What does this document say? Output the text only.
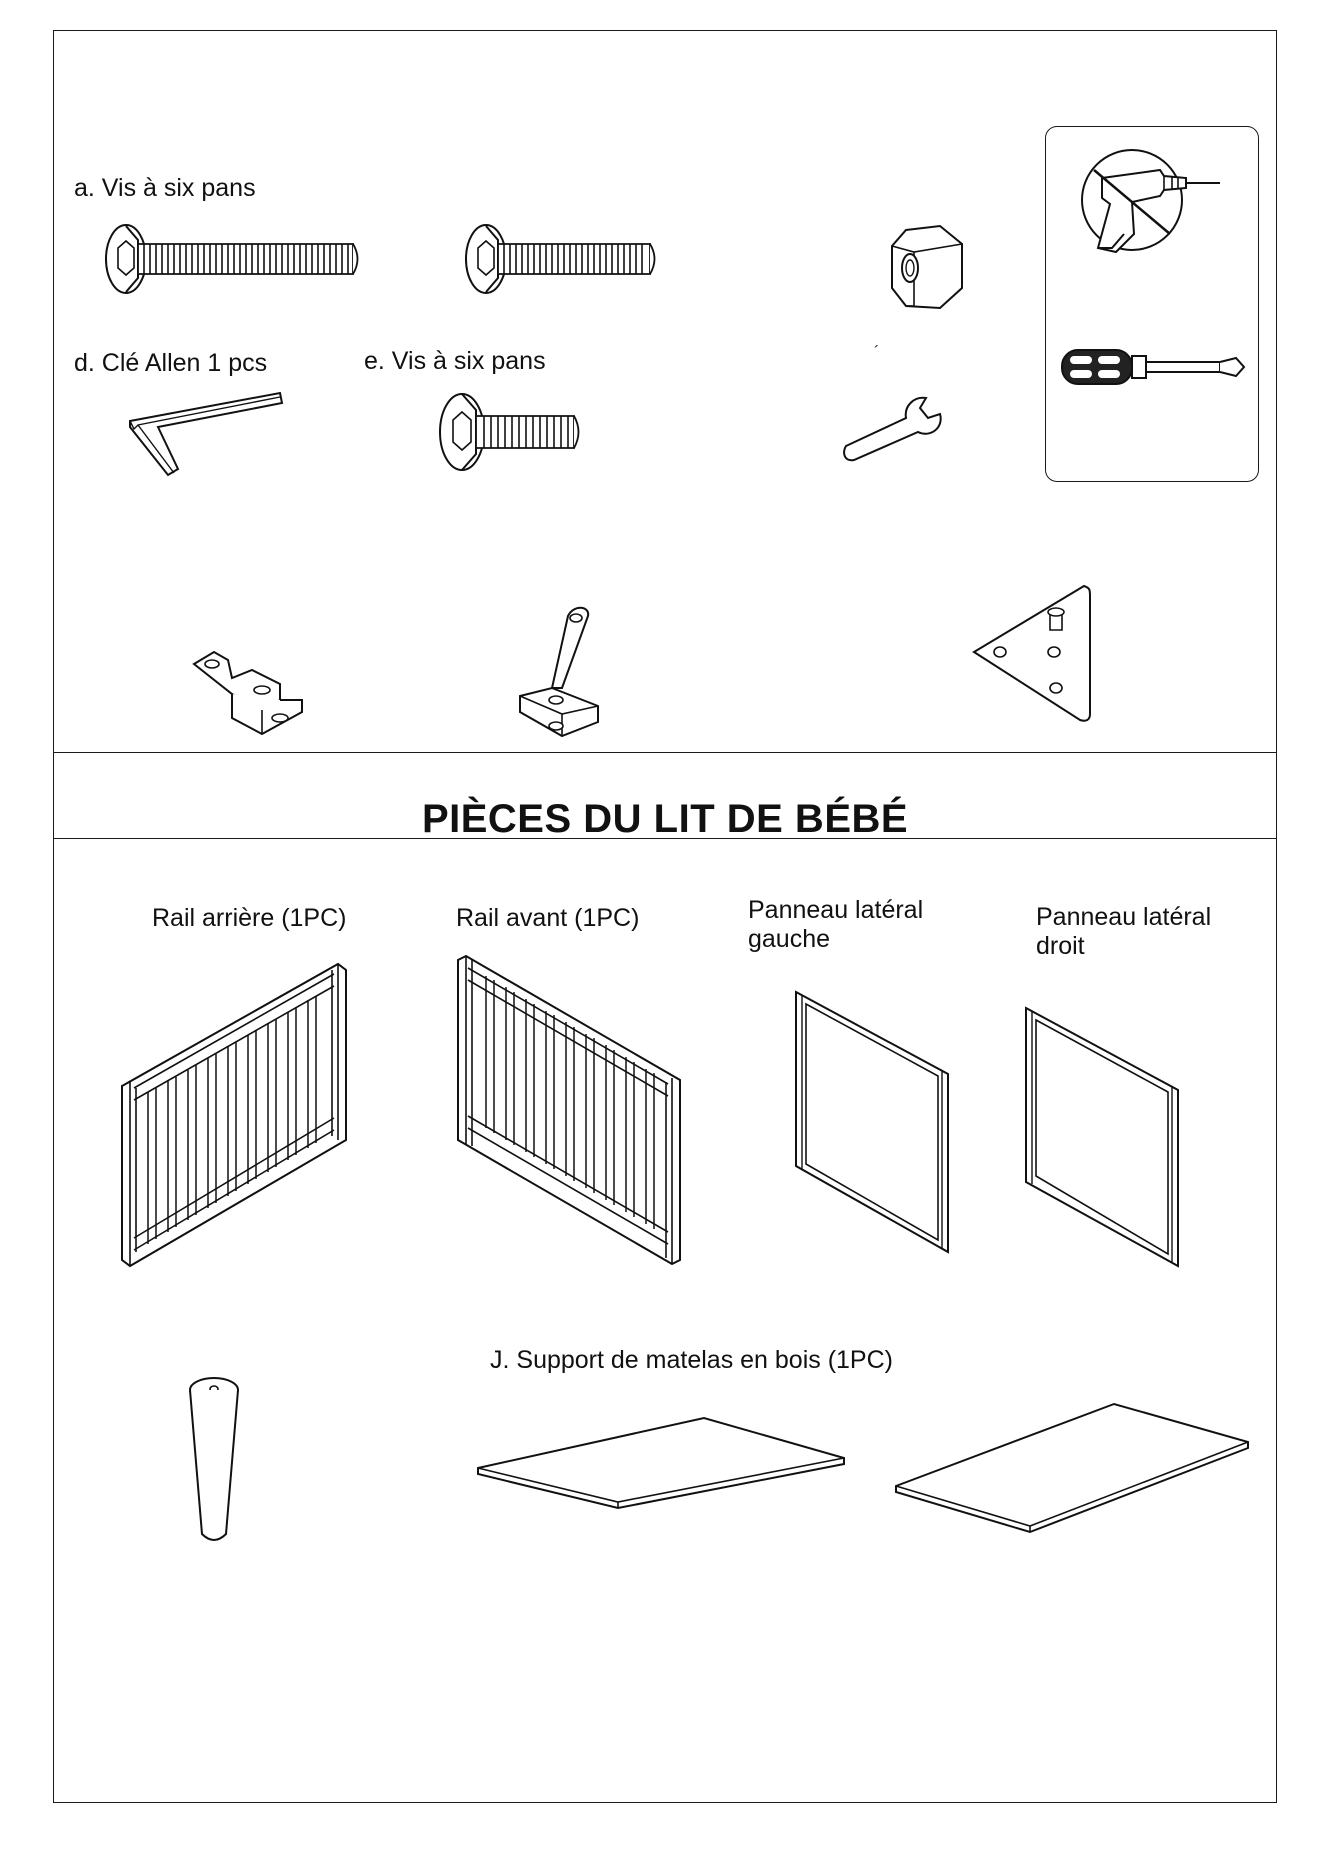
a. Vis à six pans
d. Clé Allen 1 pcs	e. Vis à six pans	´
PIÈCES DU LIT DE BÉBÉ
Rail arrière (1PC)	Rail avant (1PC)	Panneau latéral gauche
Panneau latéral droit
J. Support de matelas en bois (1PC)
